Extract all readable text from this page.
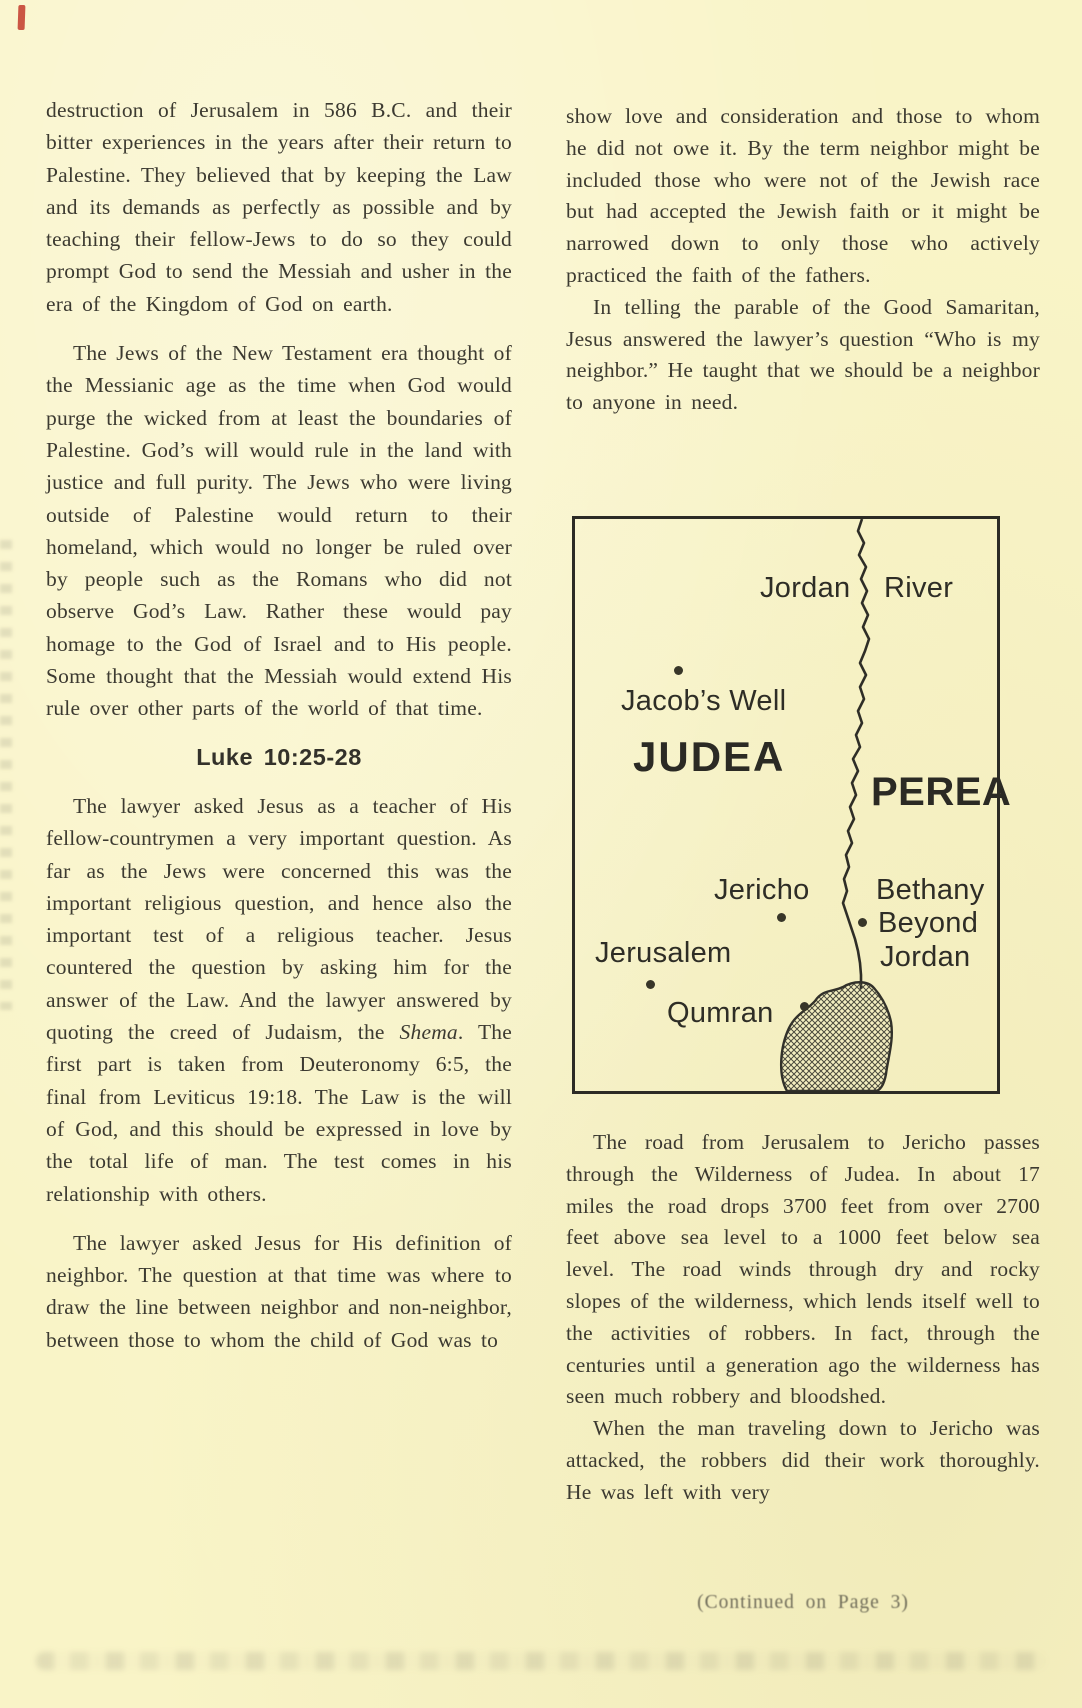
destruction of Jerusalem in 586 B.C. and their bitter experiences in the years after their return to Palestine. They believed that by keeping the Law and its demands as perfectly as possible and by teaching their fellow-Jews to do so they could prompt God to send the Messiah and usher in the era of the Kingdom of God on earth.

The Jews of the New Testament era thought of the Messianic age as the time when God would purge the wicked from at least the boundaries of Palestine. God’s will would rule in the land with justice and full purity. The Jews who were living outside of Palestine would return to their homeland, which would no longer be ruled over by people such as the Romans who did not observe God’s Law. Rather these would pay homage to the God of Israel and to His people. Some thought that the Messiah would extend His rule over other parts of the world of that time.

Luke 10:25-28

The lawyer asked Jesus as a teacher of His fellow-countrymen a very important question. As far as the Jews were concerned this was the important religious question, and hence also the important test of a religious teacher. Jesus countered the question by asking him for the answer of the Law. And the lawyer answered by quoting the creed of Judaism, the Shema. The first part is taken from Deuteronomy 6:5, the final from Leviticus 19:18. The Law is the will of God, and this should be expressed in love by the total life of man. The test comes in his relationship with others.

The lawyer asked Jesus for His definition of neighbor. The question at that time was where to draw the line between neighbor and non-neighbor, between those to whom the child of God was to

show love and consideration and those to whom he did not owe it. By the term neighbor might be included those who were not of the Jewish race but had accepted the Jewish faith or it might be narrowed down to only those who actively practiced the faith of the fathers.

In telling the parable of the Good Samaritan, Jesus answered the lawyer’s question “Who is my neighbor.” He taught that we should be a neighbor to anyone in need.

Jordan River
Jacob’s Well
JUDEA
PEREA
Jericho Bethany
Beyond
Jordan
Jerusalem
Qumran

The road from Jerusalem to Jericho passes through the Wilderness of Judea. In about 17 miles the road drops 3700 feet from over 2700 feet above sea level to a 1000 feet below sea level. The road winds through dry and rocky slopes of the wilderness, which lends itself well to the activities of robbers. In fact, through the centuries until a generation ago the wilderness has seen much robbery and bloodshed.

When the man traveling down to Jericho was attacked, the robbers did their work thoroughly. He was left with very

(Continued on Page 3)
